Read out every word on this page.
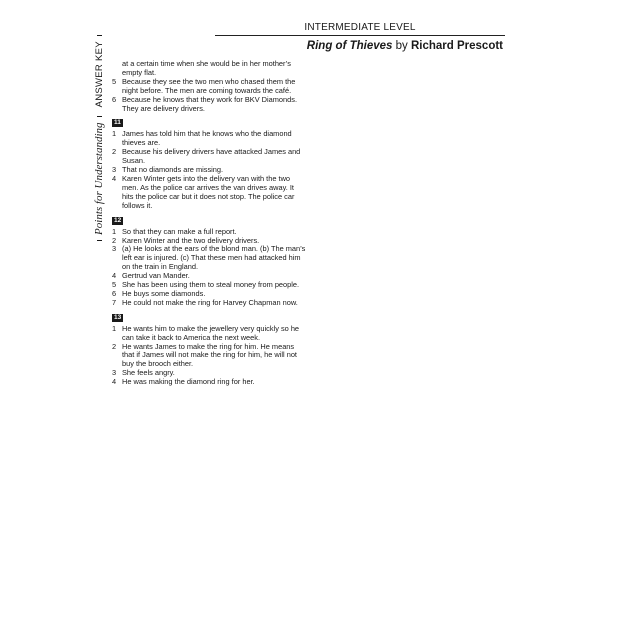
INTERMEDIATE LEVEL
Ring of Thieves by Richard Prescott
Points for Understanding
ANSWER KEY at a certain time when she would be in her mother’s empty flat.
5 Because they see the two men who chased them the night before. The men are coming towards the café.
6 Because he knows that they work for BKV Diamonds. They are delivery drivers.
11
1 James has told him that he knows who the diamond thieves are.
2 Because his delivery drivers have attacked James and Susan.
3 That no diamonds are missing.
4 Karen Winter gets into the delivery van with the two men. As the police car arrives the van drives away. It hits the police car but it does not stop. The police car follows it.
12
1 So that they can make a full report.
2 Karen Winter and the two delivery drivers.
3 (a) He looks at the ears of the blond man. (b) The man’s left ear is injured. (c) That these men had attacked him on the train in England.
4 Gertrud van Mander.
5 She has been using them to steal money from people.
6 He buys some diamonds.
7 He could not make the ring for Harvey Chapman now.
13
1 He wants him to make the jewellery very quickly so he can take it back to America the next week.
2 He wants James to make the ring for him. He means that if James will not make the ring for him, he will not buy the brooch either.
3 She feels angry.
4 He was making the diamond ring for her.
